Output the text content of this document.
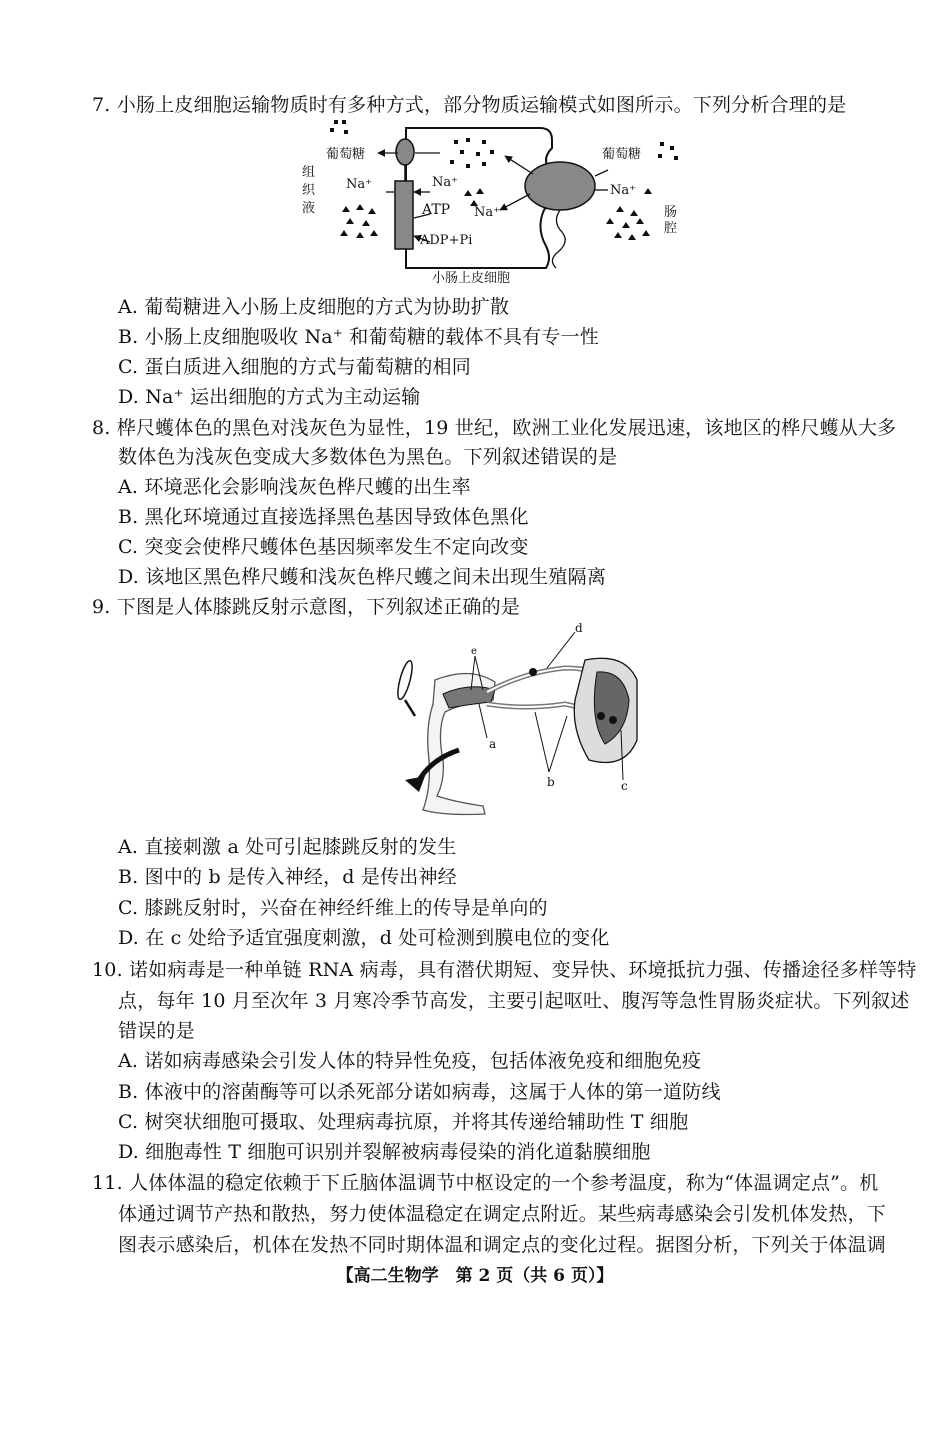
7. 小肠上皮细胞运输物质时有多种方式，部分物质运输模式如图所示。下列分析合理的是
葡萄糖	葡萄糖
Na⁺	Na⁺
Na⁺
Na⁺
ATP
ADP+Pi
组
织
液	肠
腔
小肠上皮细胞
A. 葡萄糖进入小肠上皮细胞的方式为协助扩散
B. 小肠上皮细胞吸收 Na⁺ 和葡萄糖的载体不具有专一性
C. 蛋白质进入细胞的方式与葡萄糖的相同
D. Na⁺ 运出细胞的方式为主动运输
8. 桦尺蠖体色的黑色对浅灰色为显性，19 世纪，欧洲工业化发展迅速，该地区的桦尺蠖从大多
数体色为浅灰色变成大多数体色为黑色。下列叙述错误的是
A. 环境恶化会影响浅灰色桦尺蠖的出生率
B. 黑化环境通过直接选择黑色基因导致体色黑化
C. 突变会使桦尺蠖体色基因频率发生不定向改变
D. 该地区黑色桦尺蠖和浅灰色桦尺蠖之间未出现生殖隔离
9. 下图是人体膝跳反射示意图，下列叙述正确的是
d
e
a
b	c
A. 直接刺激 a 处可引起膝跳反射的发生
B. 图中的 b 是传入神经，d 是传出神经
C. 膝跳反射时，兴奋在神经纤维上的传导是单向的
D. 在 c 处给予适宜强度刺激，d 处可检测到膜电位的变化
10. 诺如病毒是一种单链 RNA 病毒，具有潜伏期短、变异快、环境抵抗力强、传播途径多样等特
点，每年 10 月至次年 3 月寒冷季节高发，主要引起呕吐、腹泻等急性胃肠炎症状。下列叙述
错误的是
A. 诺如病毒感染会引发人体的特异性免疫，包括体液免疫和细胞免疫
B. 体液中的溶菌酶等可以杀死部分诺如病毒，这属于人体的第一道防线
C. 树突状细胞可摄取、处理病毒抗原，并将其传递给辅助性 T 细胞
D. 细胞毒性 T 细胞可识别并裂解被病毒侵染的消化道黏膜细胞
11. 人体体温的稳定依赖于下丘脑体温调节中枢设定的一个参考温度，称为“体温调定点”。机
体通过调节产热和散热，努力使体温稳定在调定点附近。某些病毒感染会引发机体发热，下
图表示感染后，机体在发热不同时期体温和调定点的变化过程。据图分析，下列关于体温调
【高二生物学　第 2 页（共 6 页）】
